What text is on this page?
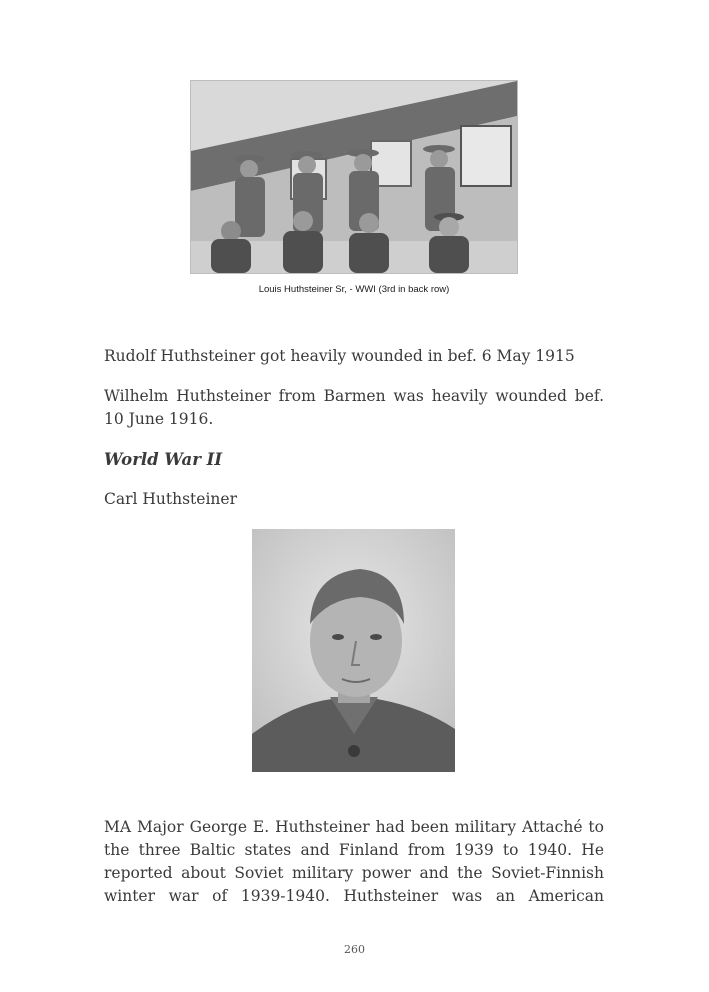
Louis Huthsteiner Sr, - WWI (3rd in back row)

Rudolf Huthsteiner got heavily wounded in bef. 6 May 1915

Wilhelm Huthsteiner from Barmen was heavily wounded bef. 10 June 1916.

World War II

Carl Huthsteiner

MA Major George E. Huthsteiner had been military Attaché to the three Baltic states and Finland from 1939 to 1940. He reported about Soviet military power and the Soviet-Finnish winter war of 1939-1940. Huthsteiner was an American

260
